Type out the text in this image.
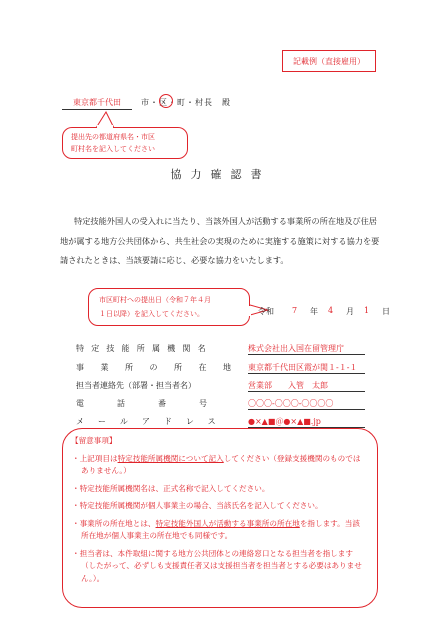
記載例（直接雇用）
東京都千代田	市・区・町・村長　殿
提出先の都道府県名・市区
町村名を記入してください
協力確認書
特定技能外国人の受入れに当たり、当該外国人が活動する事業所の所在地及び住居地が属する地方公共団体から、共生社会の実現のために実施する施策に対する協力を要請されたときは、当該要請に応じ、必要な協力をいたします。
市区町村への提出日（令和７年４月
１日以降）を記入してください。	令和 7 年 4 月 1 日
特定技能所属機関名	株式会社出入国在留管理庁
事業所の所在地 東京都千代田区霞が関１-１-１
担当者連絡先（部署・担当者名）	営業部　　入管　太郎
電話番号 〇〇〇-〇〇〇-〇〇〇〇
メールアドレス	●×▲■＠●×▲■.jp
【留意事項】
・上記項目は特定技能所属機関について記入してください（登録支援機関のものではありません。）
・特定技能所属機関名は、正式名称で記入してください。
・特定技能所属機関が個人事業主の場合、当該氏名を記入してください。
・事業所の所在地とは、特定技能外国人が活動する事業所の所在地を指します。当該所在地が個人事業主の所在地でも同様です。
・担当者は、本件取組に関する地方公共団体との連絡窓口となる担当者を指します（したがって、必ずしも支援責任者又は支援担当者を担当者とする必要はありません。）。
